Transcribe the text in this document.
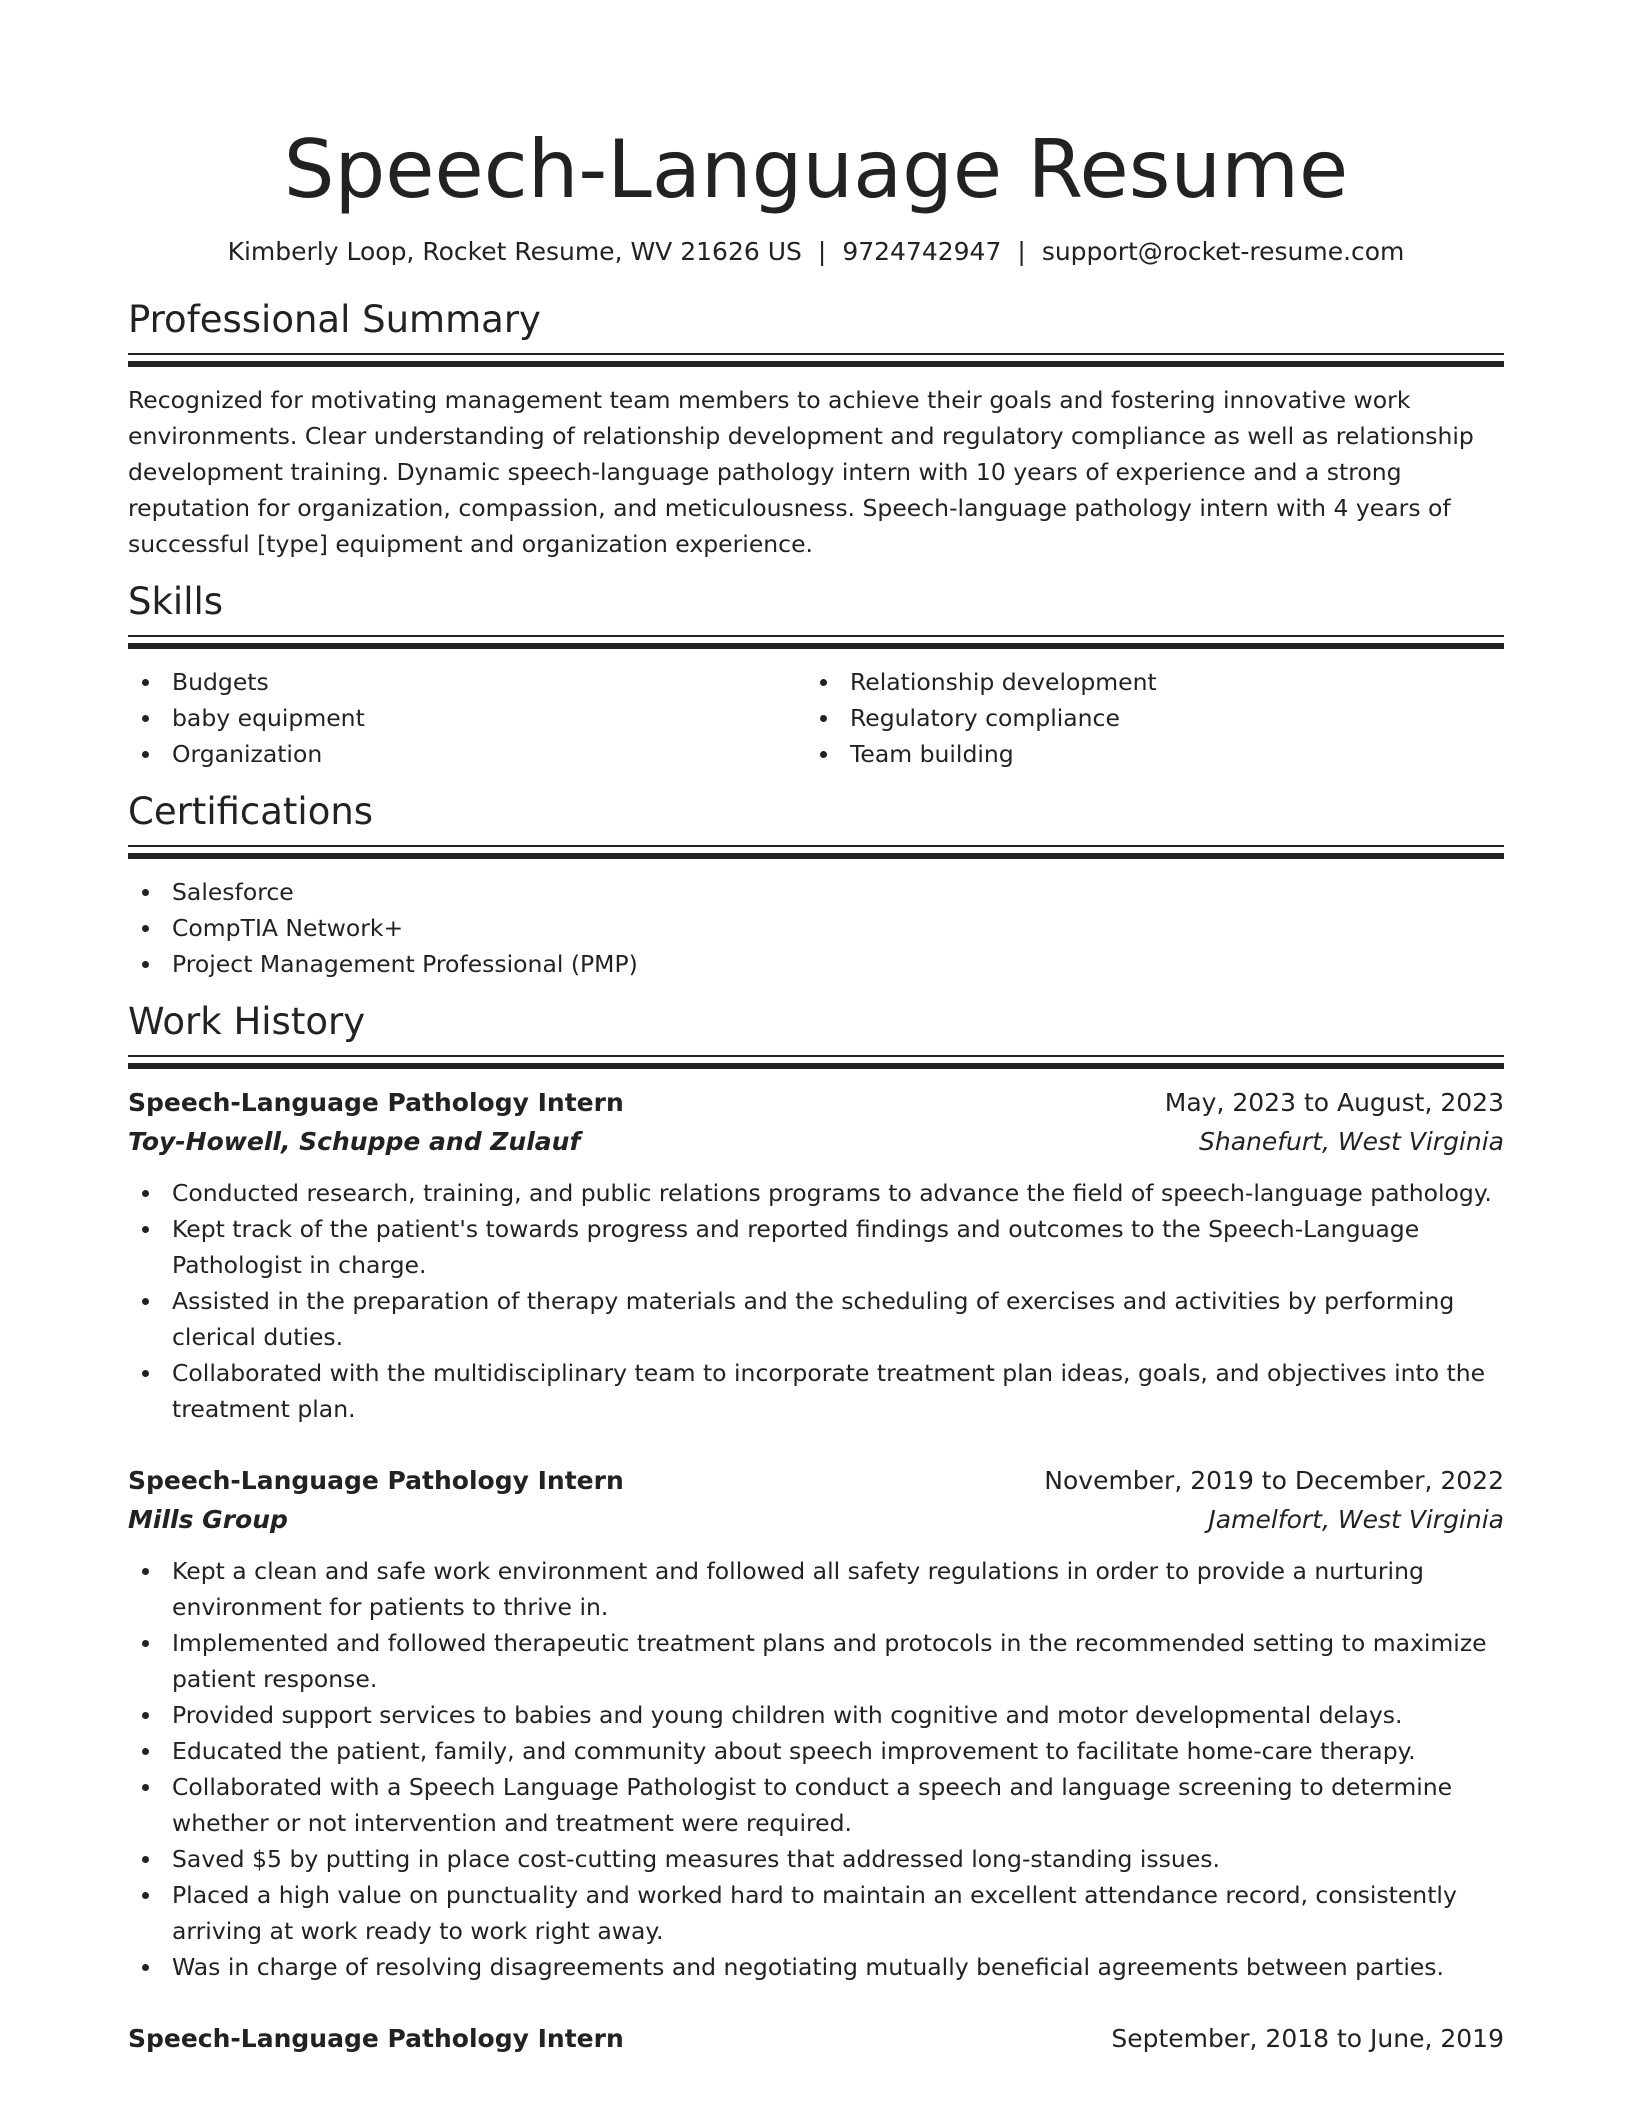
Speech-Language Resume
Kimberly Loop, Rocket Resume, WV 21626 US | 9724742947 | support@rocket-resume.com
Professional Summary
Recognized for motivating management team members to achieve their goals and fostering innovative work environments. Clear understanding of relationship development and regulatory compliance as well as relationship development training. Dynamic speech-language pathology intern with 10 years of experience and a strong reputation for organization, compassion, and meticulousness. Speech-language pathology intern with 4 years of successful [type] equipment and organization experience.
Skills
Budgets
baby equipment
Organization
Relationship development
Regulatory compliance
Team building
Certifications
Salesforce
CompTIA Network+
Project Management Professional (PMP)
Work History
Speech-Language Pathology Intern	May, 2023 to August, 2023
Toy-Howell, Schuppe and Zulauf	Shanefurt, West Virginia
Conducted research, training, and public relations programs to advance the field of speech-language pathology.
Kept track of the patient's towards progress and reported findings and outcomes to the Speech-Language Pathologist in charge.
Assisted in the preparation of therapy materials and the scheduling of exercises and activities by performing clerical duties.
Collaborated with the multidisciplinary team to incorporate treatment plan ideas, goals, and objectives into the treatment plan.
Speech-Language Pathology Intern	November, 2019 to December, 2022
Mills Group	Jamelfort, West Virginia
Kept a clean and safe work environment and followed all safety regulations in order to provide a nurturing environment for patients to thrive in.
Implemented and followed therapeutic treatment plans and protocols in the recommended setting to maximize patient response.
Provided support services to babies and young children with cognitive and motor developmental delays.
Educated the patient, family, and community about speech improvement to facilitate home-care therapy.
Collaborated with a Speech Language Pathologist to conduct a speech and language screening to determine whether or not intervention and treatment were required.
Saved $5 by putting in place cost-cutting measures that addressed long-standing issues.
Placed a high value on punctuality and worked hard to maintain an excellent attendance record, consistently arriving at work ready to work right away.
Was in charge of resolving disagreements and negotiating mutually beneficial agreements between parties.
Speech-Language Pathology Intern	September, 2018 to June, 2019
